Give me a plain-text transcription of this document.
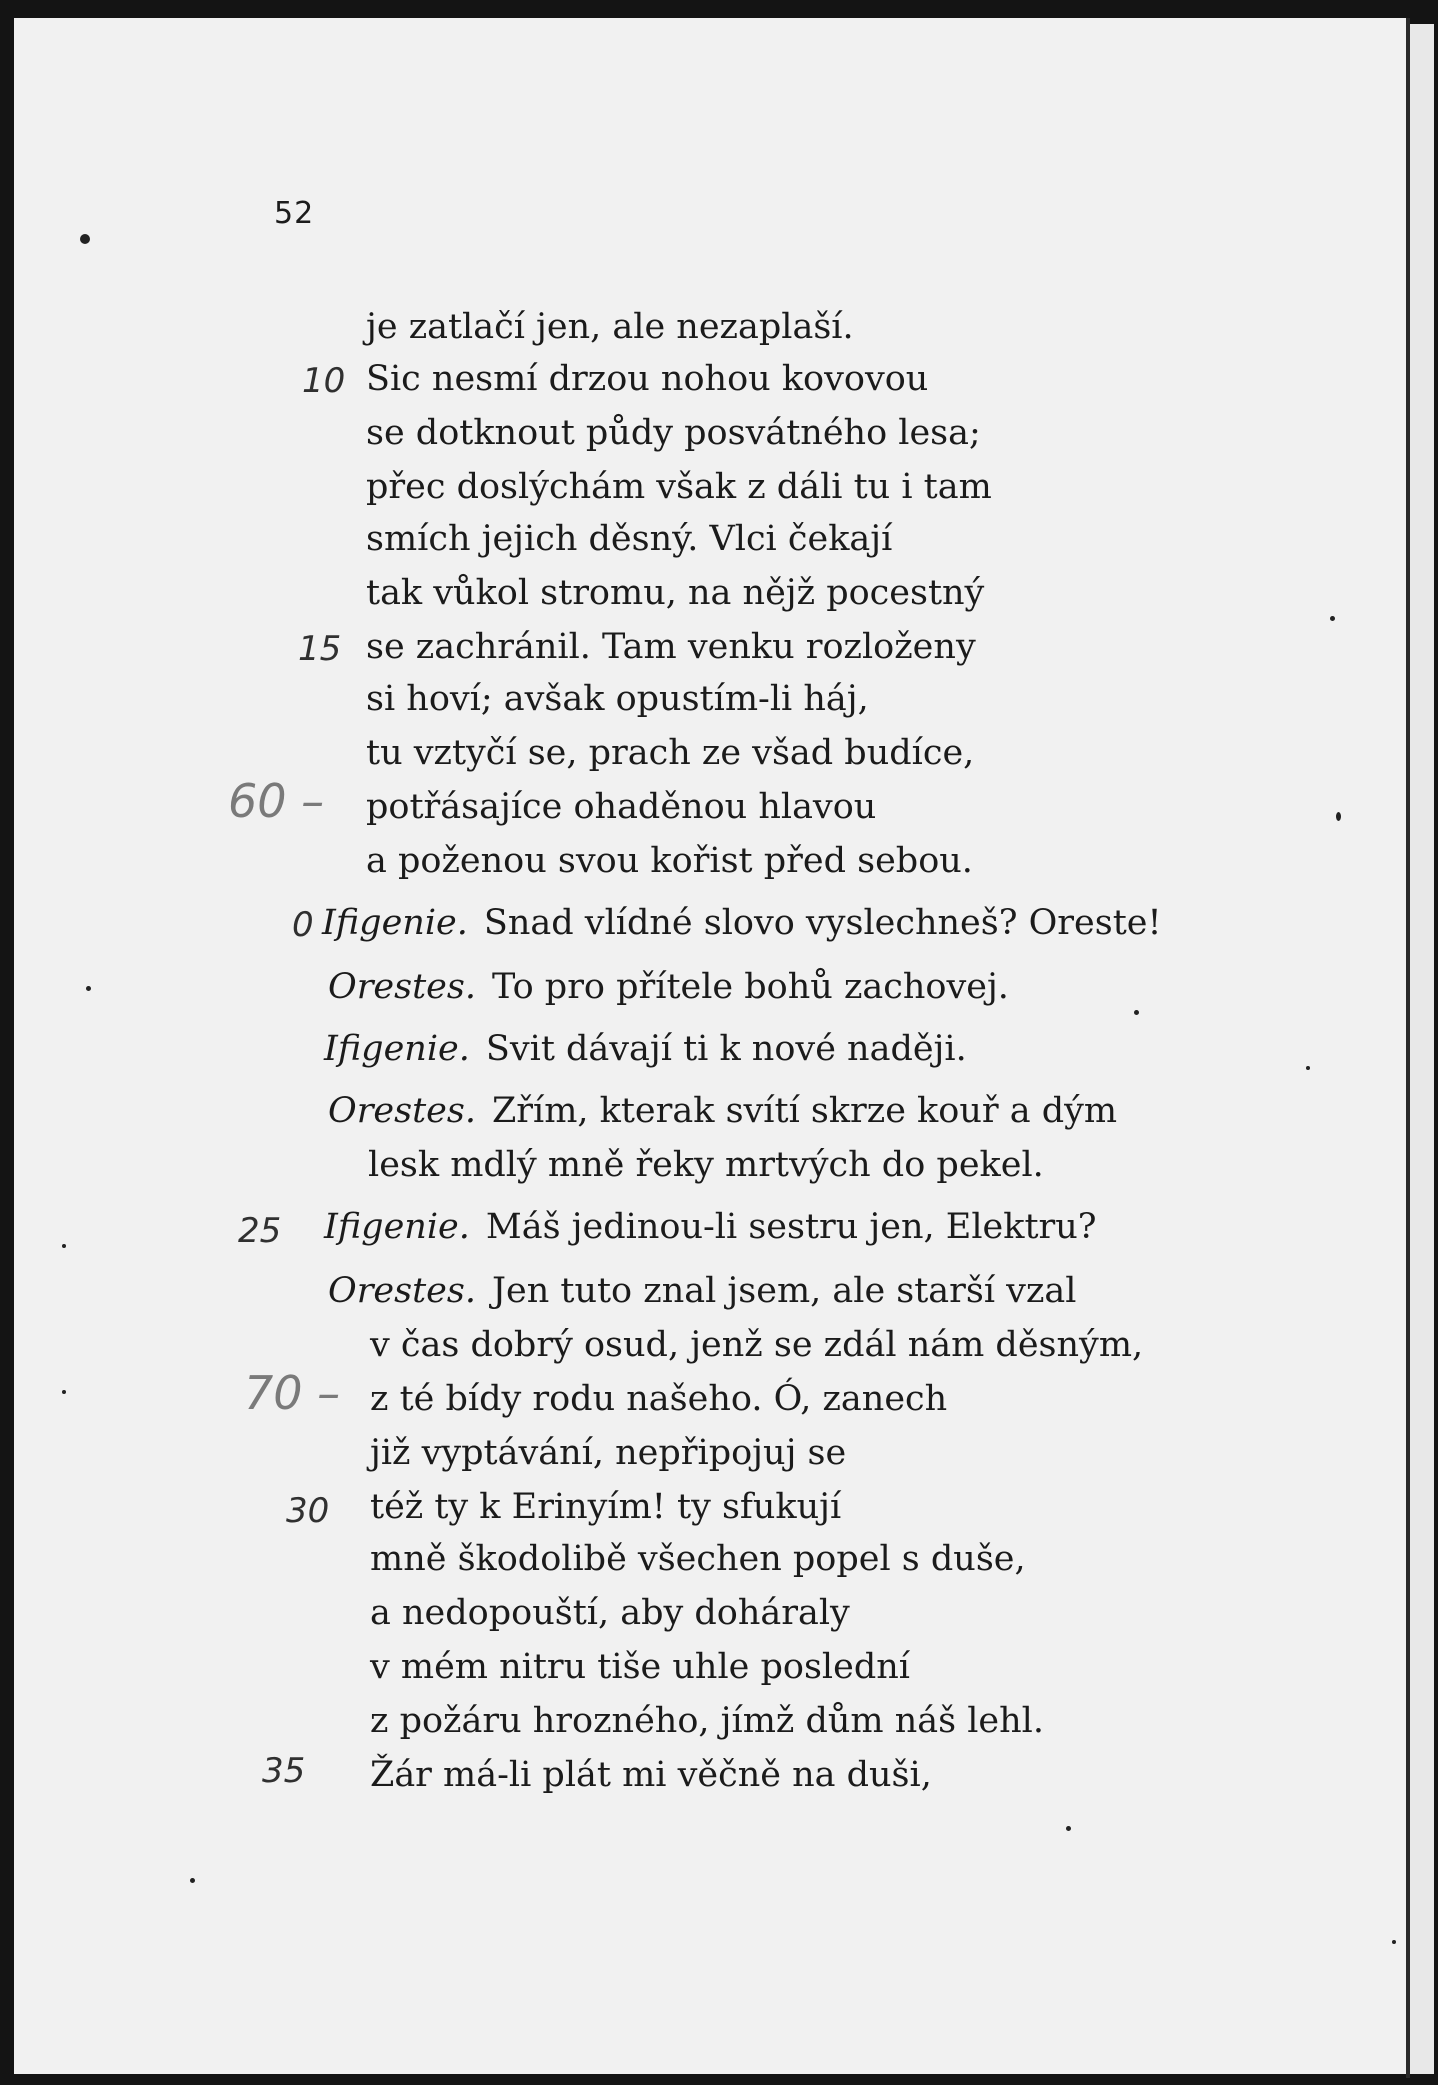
52
je zatlačí jen, ale nezaplaší.
Sic nesmí drzou nohou kovovou
se dotknout půdy posvátného lesa;
přec doslýchám však z dáli tu i tam
smích jejich děsný. Vlci čekají
tak vůkol stromu, na nějž pocestný
se zachránil. Tam venku rozloženy
si hoví; avšak opustím-li háj,
tu vztyčí se, prach ze všad budíce,
potřásajíce ohaděnou hlavou
a poženou svou kořist před sebou.
Ifigenie. Snad vlídné slovo vyslechneš? Oreste!
Orestes. To pro přítele bohů zachovej.
Ifigenie. Svit dávají ti k nové naději.
Orestes. Zřím, kterak svítí skrze kouř a dým
lesk mdlý mně řeky mrtvých do pekel.
Ifigenie. Máš jedinou-li sestru jen, Elektru?
Orestes. Jen tuto znal jsem, ale starší vzal
v čas dobrý osud, jenž se zdál nám děsným,
z té bídy rodu našeho. Ó, zanech
již vyptávání, nepřipojuj se
též ty k Erinyím! ty sfukují
mně škodolibě všechen popel s duše,
a nedopouští, aby doháraly
v mém nitru tiše uhle poslední
z požáru hrozného, jímž dům náš lehl.
Žár má-li plát mi věčně na duši,
10
15
60 –
0
25
70 –
30
35
